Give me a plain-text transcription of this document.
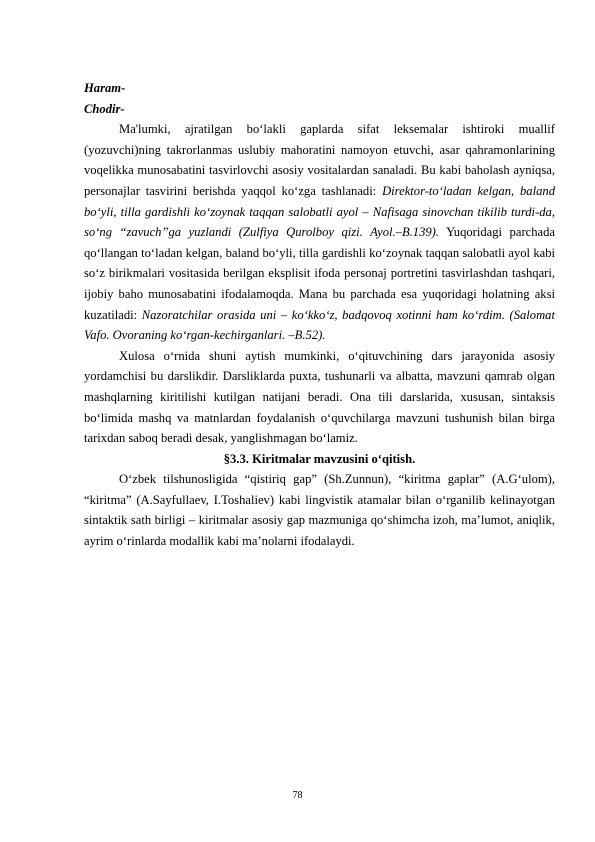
Haram-

Chodir-

Ma'lumki, ajratilgan bo‘lakli gaplarda sifat leksemalar ishtiroki muallif (yozuvchi)ning takrorlanmas uslubiy mahoratini namoyon etuvchi, asar qahramonlarining voqelikka munosabatini tasvirlovchi asosiy vositalardan sanaladi. Bu kabi baholash ayniqsa, personajlar tasvirini berishda yaqqol ko‘zga tashlanadi: Direktor-to‘ladan kelgan, baland bo‘yli, tilla gardishli ko‘zoynak taqqan salobatli ayol – Nafisaga sinovchan tikilib turdi-da, so‘ng “zavuch”ga yuzlandi (Zulfiya Qurolboy qizi. Ayol.–B.139). Yuqoridagi parchada qo‘llangan to‘ladan kelgan, baland bo‘yli, tilla gardishli ko‘zoynak taqqan salobatli ayol kabi so‘z birikmalari vositasida berilgan eksplisit ifoda personaj portretini tasvirlashdan tashqari, ijobiy baho munosabatini ifodalamoqda. Mana bu parchada esa yuqoridagi holatning aksi kuzatiladi: Nazoratchilar orasida uni – ko‘kko‘z, badqovoq xotinni ham ko‘rdim. (Salomat Vafo. Ovoraning ko‘rgan-kechirganlari. –B.52).

Xulosa o‘rnida shuni aytish mumkinki, o‘qituvchining dars jarayonida asosiy yordamchisi bu darslikdir. Darsliklarda puxta, tushunarli va albatta, mavzuni qamrab olgan mashqlarning kiritilishi kutilgan natijani beradi. Ona tili darslarida, xususan, sintaksis bo‘limida mashq va matnlardan foydalanish o‘quvchilarga mavzuni tushunish bilan birga tarixdan saboq beradi desak, yanglishmagan bo‘lamiz.

§3.3. Kiritmalar mavzusini o‘qitish.

O‘zbek tilshunosligida “qistiriq gap” (Sh.Zunnun), “kiritma gaplar” (A.G‘ulom), “kiritma” (A.Sayfullaev, I.Toshaliev) kabi lingvistik atamalar bilan o‘rganilib kelinayotgan sintaktik sath birligi – kiritmalar asosiy gap mazmuniga qo‘shimcha izoh, ma’lumot, aniqlik, ayrim o‘rinlarda modallik kabi ma’nolarni ifodalaydi.

78
